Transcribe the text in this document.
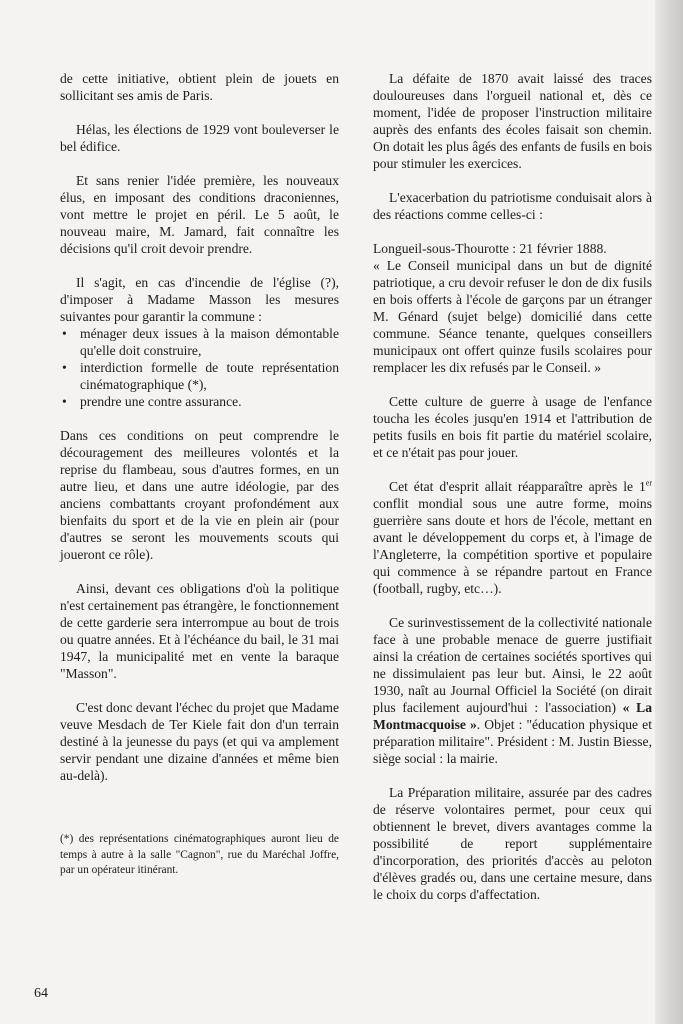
de cette initiative, obtient plein de jouets en sollicitant ses amis de Paris.

Hélas, les élections de 1929 vont bouleverser le bel édifice.

Et sans renier l'idée première, les nouveaux élus, en imposant des conditions draconiennes, vont mettre le projet en péril. Le 5 août, le nouveau maire, M. Jamard, fait connaître les décisions qu'il croit devoir prendre.

Il s'agit, en cas d'incendie de l'église (?), d'imposer à Madame Masson les mesures suivantes pour garantir la commune :

• ménager deux issues à la maison démontable qu'elle doit construire,
• interdiction formelle de toute représentation cinématographique (*),
• prendre une contre assurance.

Dans ces conditions on peut comprendre le découragement des meilleures volontés et la reprise du flambeau, sous d'autres formes, en un autre lieu, et dans une autre idéologie, par des anciens combattants croyant profondément aux bienfaits du sport et de la vie en plein air (pour d'autres se seront les mouvements scouts qui joueront ce rôle).

Ainsi, devant ces obligations d'où la politique n'est certainement pas étrangère, le fonctionnement de cette garderie sera interrompue au bout de trois ou quatre années. Et à l'échéance du bail, le 31 mai 1947, la municipalité met en vente la baraque "Masson".

C'est donc devant l'échec du projet que Madame veuve Mesdach de Ter Kiele fait don d'un terrain destiné à la jeunesse du pays (et qui va amplement servir pendant une dizaine d'années et même bien au-delà).

(*) des représentations cinématographiques auront lieu de temps à autre à la salle "Cagnon", rue du Maréchal Joffre, par un opérateur itinérant.

La défaite de 1870 avait laissé des traces douloureuses dans l'orgueil national et, dès ce moment, l'idée de proposer l'instruction militaire auprès des enfants des écoles faisait son chemin. On dotait les plus âgés des enfants de fusils en bois pour stimuler les exercices.

L'exacerbation du patriotisme conduisait alors à des réactions comme celles-ci :

Longueil-sous-Thourotte : 21 février 1888.

« Le Conseil municipal dans un but de dignité patriotique, a cru devoir refuser le don de dix fusils en bois offerts à l'école de garçons par un étranger M. Génard (sujet belge) domicilié dans cette commune. Séance tenante, quelques conseillers municipaux ont offert quinze fusils scolaires pour remplacer les dix refusés par le Conseil. »

Cette culture de guerre à usage de l'enfance toucha les écoles jusqu'en 1914 et l'attribution de petits fusils en bois fit partie du matériel scolaire, et ce n'était pas pour jouer.

Cet état d'esprit allait réapparaître après le 1er conflit mondial sous une autre forme, moins guerrière sans doute et hors de l'école, mettant en avant le développement du corps et, à l'image de l'Angleterre, la compétition sportive et populaire qui commence à se répandre partout en France (football, rugby, etc…).

Ce surinvestissement de la collectivité nationale face à une probable menace de guerre justifiait ainsi la création de certaines sociétés sportives qui ne dissimulaient pas leur but. Ainsi, le 22 août 1930, naît au Journal Officiel la Société (on dirait plus facilement aujourd'hui : l'association) « La Montmacquoise ». Objet : "éducation physique et préparation militaire". Président : M. Justin Biesse, siège social : la mairie.

La Préparation militaire, assurée par des cadres de réserve volontaires permet, pour ceux qui obtiennent le brevet, divers avantages comme la possibilité de report supplémentaire d'incorporation, des priorités d'accès au peloton d'élèves gradés ou, dans une certaine mesure, dans le choix du corps d'affectation.

64
